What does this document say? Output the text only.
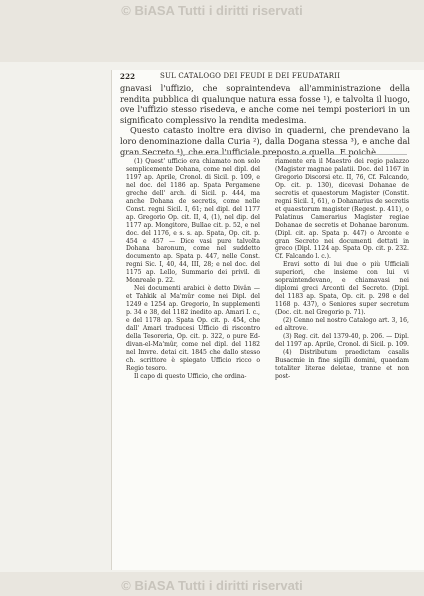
© BiASA Tutti i diritti riservati
222	SUL CATALOGO DEI FEUDI E DEI FEUDATARII

gnavasi l'uffizio, che sopraintendeva all'amministrazione della rendita pubblica di qualunque natura essa fosse ¹), e talvolta il luogo, ove l'uffizio stesso risedeva, e anche come nei tempi posteriori in un significato complessivo la rendita medesima.

Questo catasto inoltre era diviso in quaderni, che prendevano la loro denominazione dalla Curia ²), dalla Dogana stessa ³), e anche dal gran Secreto ⁴), che era l'ufficiale preposto a quella. E poichè

(1) Quest' ufficio era chiamato non solo semplicemente Dohana, come nel dipl. del 1197 ap. Aprile, Cronol. di Sicil. p. 109, e nel doc. del 1186 ap. Spata Pergamene greche dell' arch. di Sicil. p. 444, ma anche Dohana de secretis, come nelle Const. regni Sicil. I, 61; nel dipl. del 1177 ap. Gregorio Op. cit. II, 4, (1), nel dip. del 1177 ap. Mongitore, Bullae cit. p. 52, e nel doc. del 1176, e s. s. ap. Spata, Op. cit. p. 454 e 457 — Dice vasi pure talvolta Dohana baronum, come nel suddetto documento ap. Spata p. 447, nelle Const. regni Sic. I, 40, 44, III, 28; e nel doc. del 1175 ap. Lello, Summario dei privil. di Monreale p. 22.

Nei documenti arabici è detto Divân — et Tahkik al Ma'mûr come nei Dipl. del 1249 e 1254 ap. Gregorio, In supplementi p. 34 e 38, del 1182 inedito ap. Amari I. c., e del 1178 ap. Spata Op. cit. p. 454, che dall' Amari traducesi Ufficio di riscontro della Tesoreria, Op. cit. p. 322, o pure Ed-divan-el-Ma'mûr, come nel dipl. del 1182 nel Imvre. detai cit. 1845 che dallo stesso ch. scrittore è spiegato Ufficio ricco o Regio tesoro.

Il capo di questo Ufficio, che ordina-

riamente era il Maestro dei regio palazzo (Magister magnae palatii. Doc. del 1167 in Gregorio Discorsi etc. II, 76, Cf. Falcando, Op. cit. p. 130), dicevasi Dohanae de secretis et quaestorum Magister (Constit. regni Sicil. I, 61), o Dohanarius de secretis et quaestorum magister (Regest. p. 411), o Palatinus Camerarius Magister regiae Dohanae de secretis et Dohanae baronum. (Dipl. cit. ap. Spata p. 447) o Arconte e gran Secreto nei documenti dettati in greco (Dipl. 1124 ap. Spata Op. cit. p. 232. Cf. Falcando l. c.).

Eravi sotto di lui due o più Ufficiali superiori, che insieme con lui vi sopraintendevano, e chiamavasi nei diplomi greci Arconti del Secreto. (Dipl. del 1183 ap. Spata, Op. cit. p. 298 e del 1168 p. 437), o Seniores super secretum (Doc. cit. nel Gregorio p. 71).

(2) Cenno nel nostro Catalogo art. 3, 16, ed altrove.

(3) Reg. cit. del 1379-40, p. 206. — Dipl. del 1197 ap. Aprile, Cronol. di Sicil. p. 109.

(4) Distributum praedictam casalis Busacmie in fine sigilli domini, quaedam totaliter literae deletae, tranne et non post-

© BiASA Tutti i diritti riservati
